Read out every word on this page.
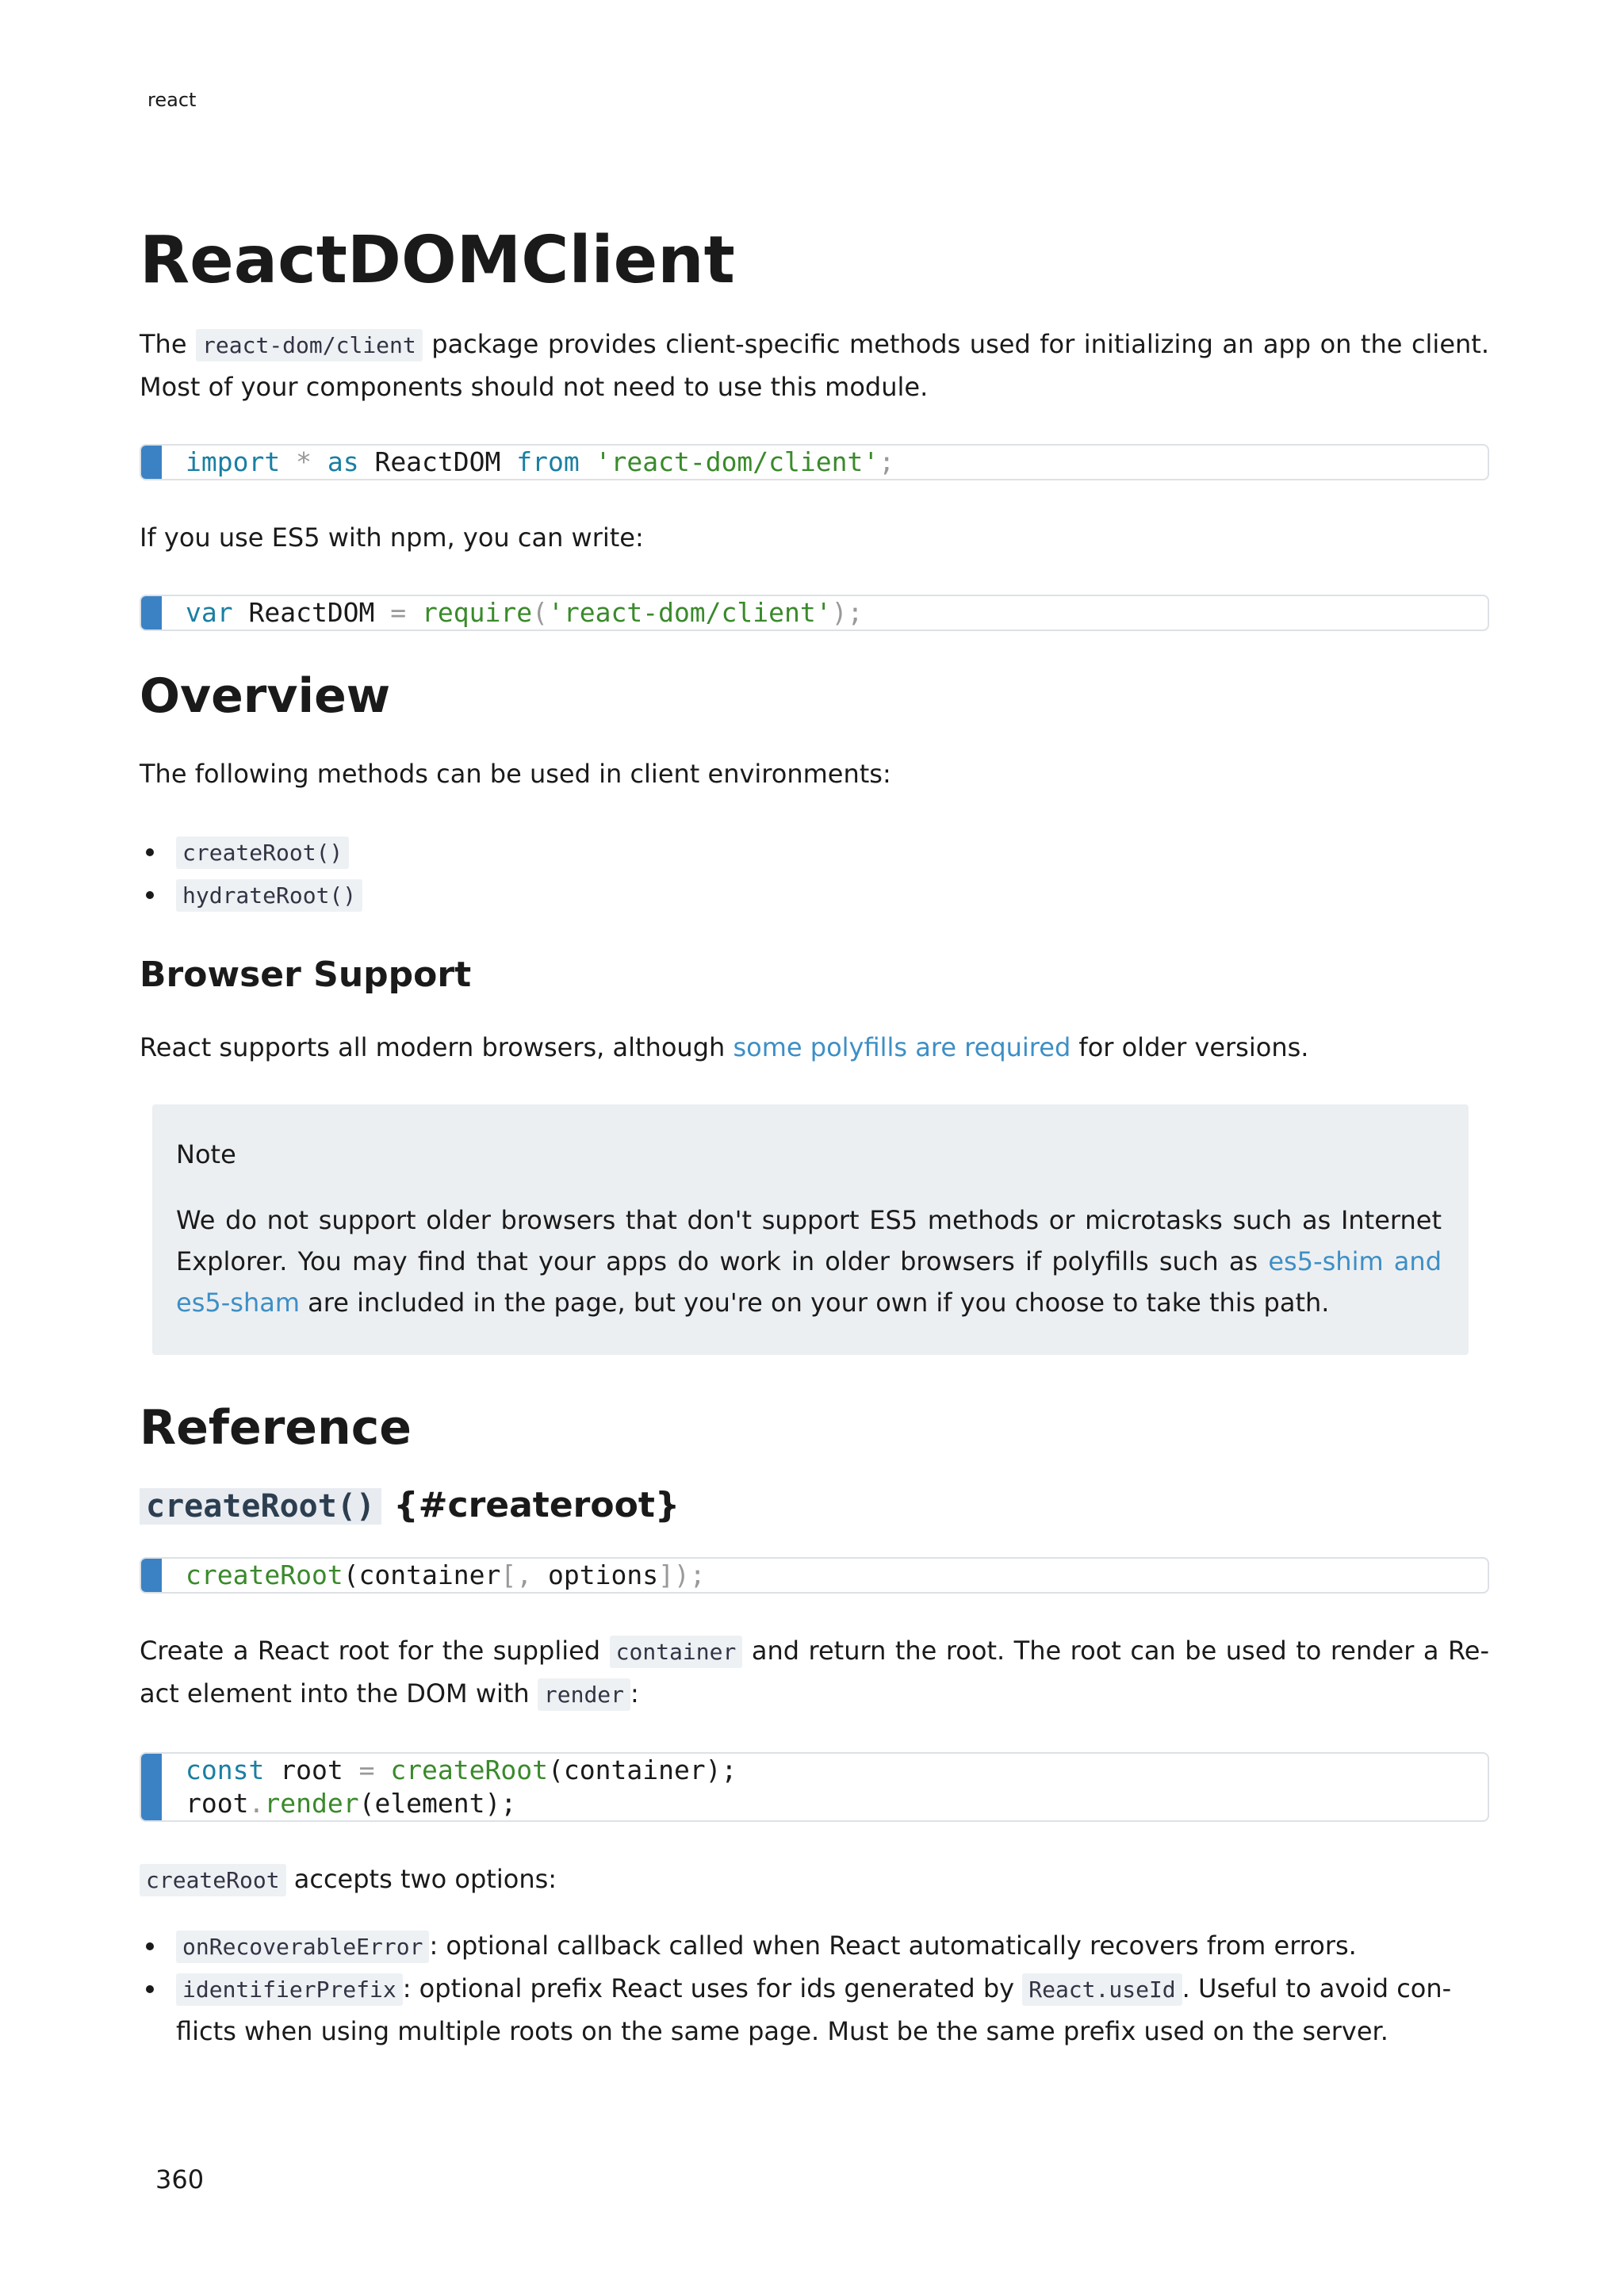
react
ReactDOMClient

The react-dom/client package provides client-specific methods used for initializing an app on the client. Most of your components should not need to use this module.

import * as ReactDOM from 'react-dom/client';

If you use ES5 with npm, you can write:

var ReactDOM = require('react-dom/client');
Overview

The following methods can be used in client environments:

createRoot()
hydrateRoot()
Browser Support

React supports all modern browsers, although some polyfills are required for older versions.

Note

We do not support older browsers that don't support ES5 methods or microtasks such as Internet Explorer. You may find that your apps do work in older browsers if polyfills such as es5-shim and es5-sham are included in the page, but you're on your own if you choose to take this path.

Reference
createRoot() {#createroot}
createRoot(container[, options]);

Create a React root for the supplied container and return the root. The root can be used to render a Re-act element into the DOM with render :

const root = createRoot(container);
root.render(element);

createRoot accepts two options:

onRecoverableError : optional callback called when React automatically recovers from errors.
identifierPrefix : optional prefix React uses for ids generated by React.useId . Useful to avoid con-flicts when using multiple roots on the same page. Must be the same prefix used on the server.
360
